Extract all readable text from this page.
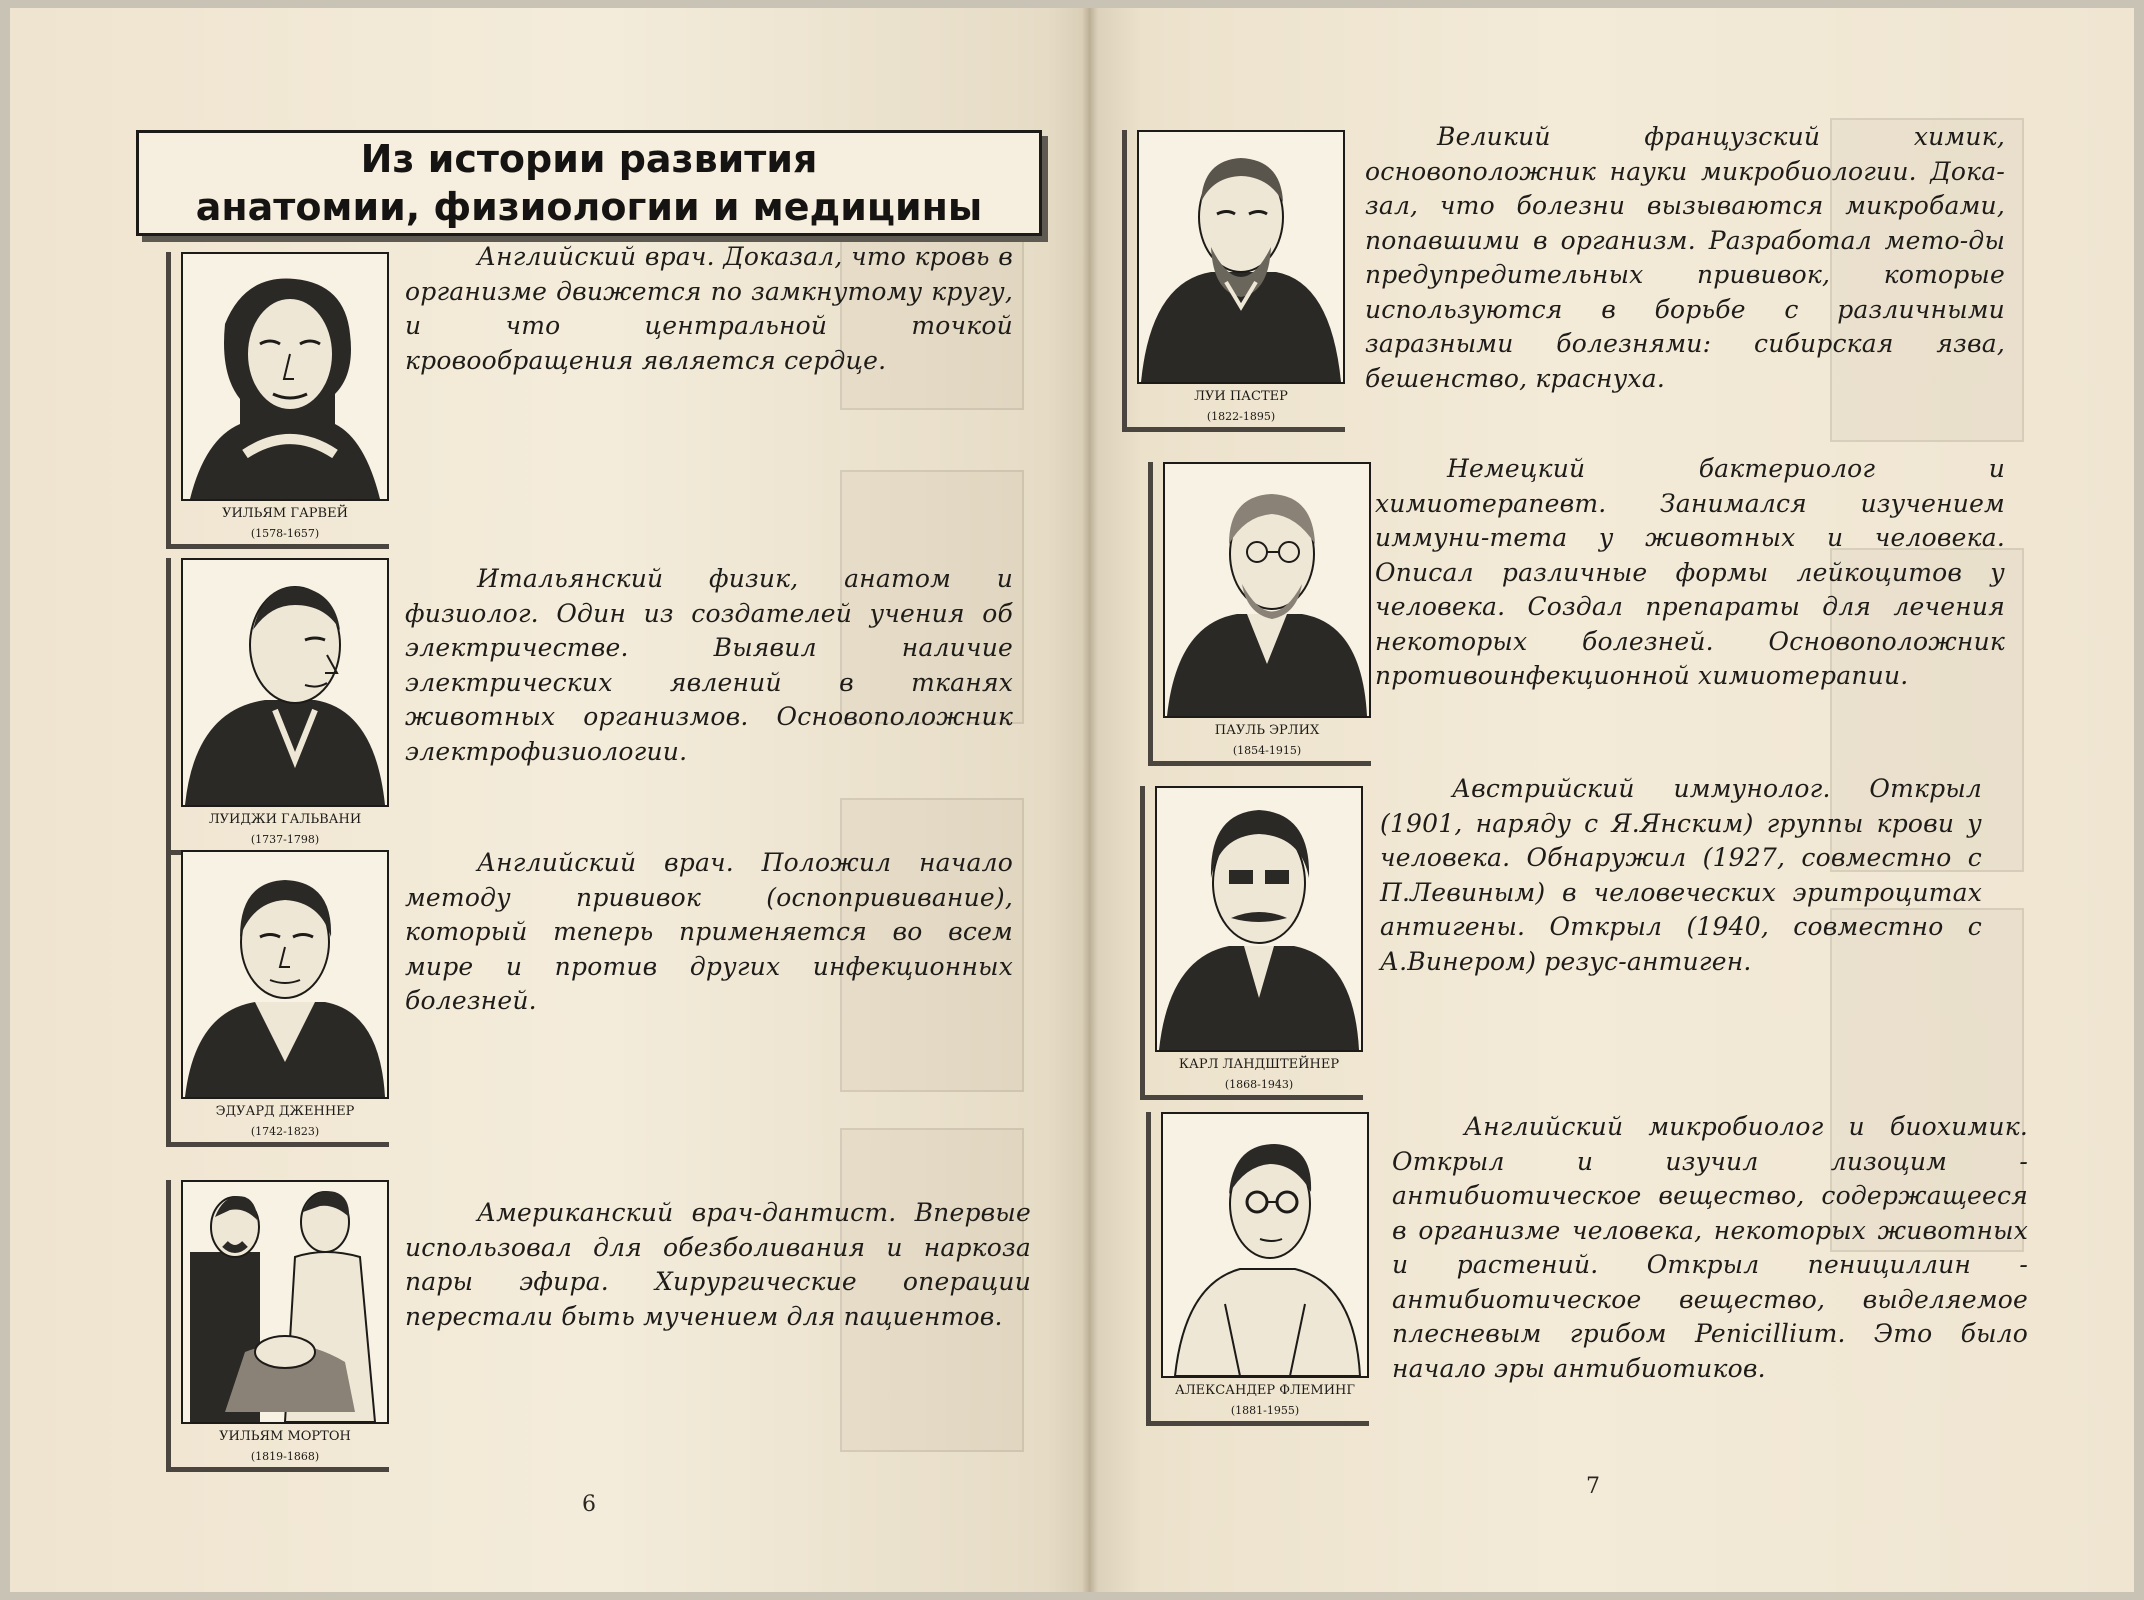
Из истории развития
анатомии, физиологии и медицины
УИЛЬЯМ ГАРВЕЙ
(1578-1657)
Английский врач. Доказал, что кровь в организме движется по замкнутому кругу, и что центральной точкой кровообращения является сердце.
ЛУИДЖИ ГАЛЬВАНИ
(1737-1798)
Итальянский физик, анатом и физиолог. Один из создателей учения об электричестве. Выявил наличие электрических явлений в тканях животных организмов. Основоположник электрофизиологии.
ЭДУАРД ДЖЕННЕР
(1742-1823)
Английский врач. Положил начало методу прививок (оспопрививание), который теперь применяется во всем мире и против других инфекционных болезней.
УИЛЬЯМ МОРТОН
(1819-1868)
Американский врач-дантист. Впервые использовал для обезболивания и наркоза пары эфира. Хирургические операции перестали быть мучением для пациентов.
6
ЛУИ ПАСТЕР
(1822-1895)
Великий французский химик, основоположник науки микробиологии. Дока-зал, что болезни вызываются микробами, попавшими в организм. Разработал мето-ды предупредительных прививок, которые используются в борьбе с различными заразными болезнями: сибирская язва, бешенство, краснуха.
ПАУЛЬ ЭРЛИХ
(1854-1915)
Немецкий бактериолог и химиотерапевт. Занимался изучением иммуни-тета у животных и человека. Описал различные формы лейкоцитов у человека. Создал препараты для лечения некоторых болезней. Основоположник противоинфекционной химиотерапии.
КАРЛ ЛАНДШТЕЙНЕР
(1868-1943)
Австрийский иммунолог. Открыл (1901, наряду с Я.Янским) группы крови у человека. Обнаружил (1927, совместно с П.Левиным) в человеческих эритроцитах антигены. Открыл (1940, совместно с А.Винером) резус-антиген.
АЛЕКСАНДЕР ФЛЕМИНГ
(1881-1955)
Английский микробиолог и биохимик. Открыл и изучил лизоцим - антибиотическое вещество, содержащееся в организме человека, некоторых животных и растений. Открыл пенициллин - антибиотическое вещество, выделяемое плесневым грибом Penicillium. Это было начало эры антибиотиков.
7
